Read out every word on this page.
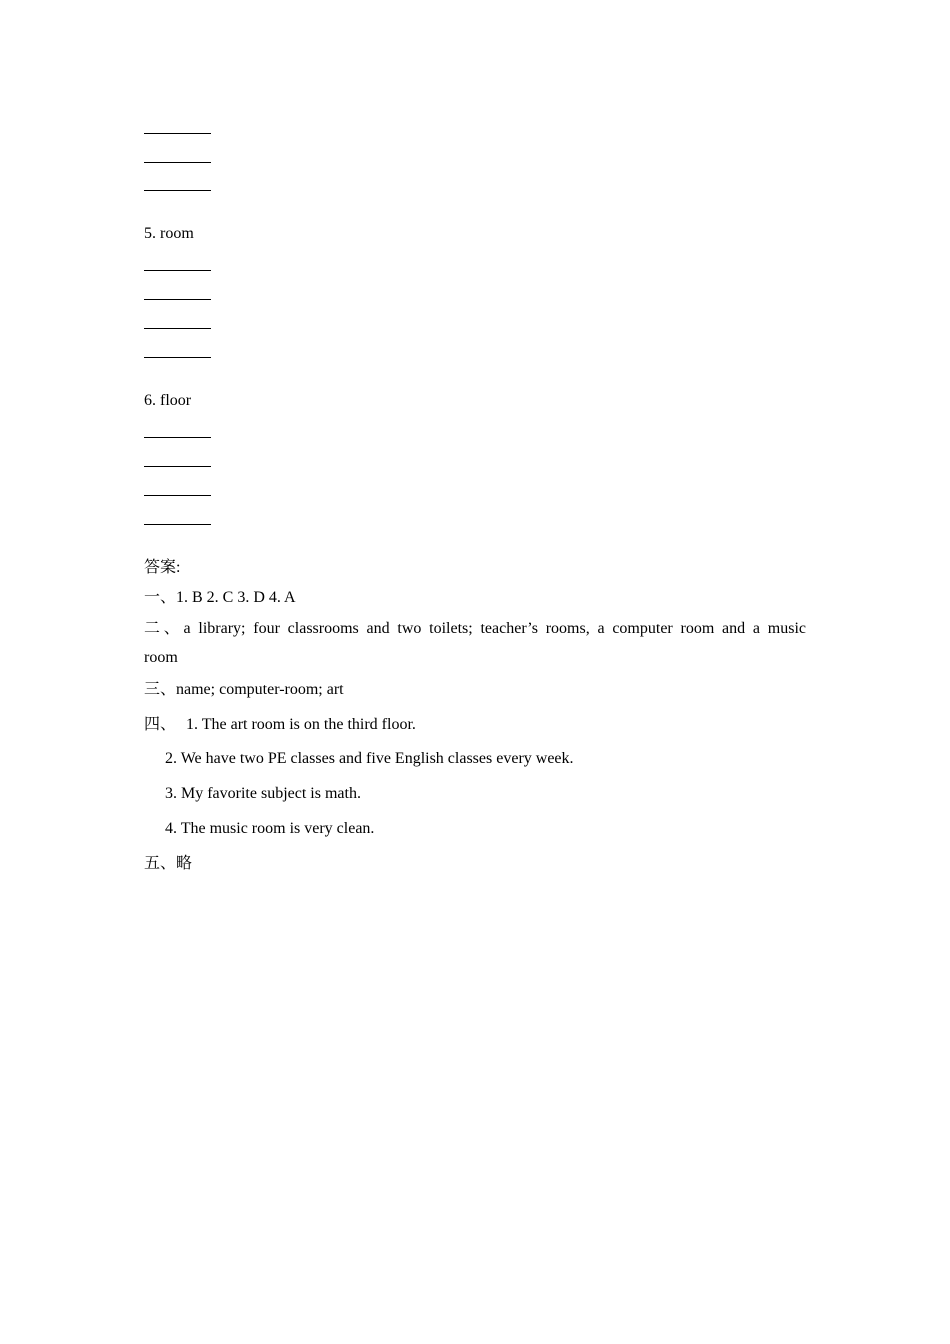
5. room
6. floor
答案:
一、1. B 2. C 3. D 4. A
二、a library; four classrooms and two toilets; teacher’s rooms, a computer room and a music
room
三、name; computer-room; art
四、 1. The art room is on the third floor.
2. We have two PE classes and five English classes every week.
3. My favorite subject is math.
4. The music room is very clean.
五、略
